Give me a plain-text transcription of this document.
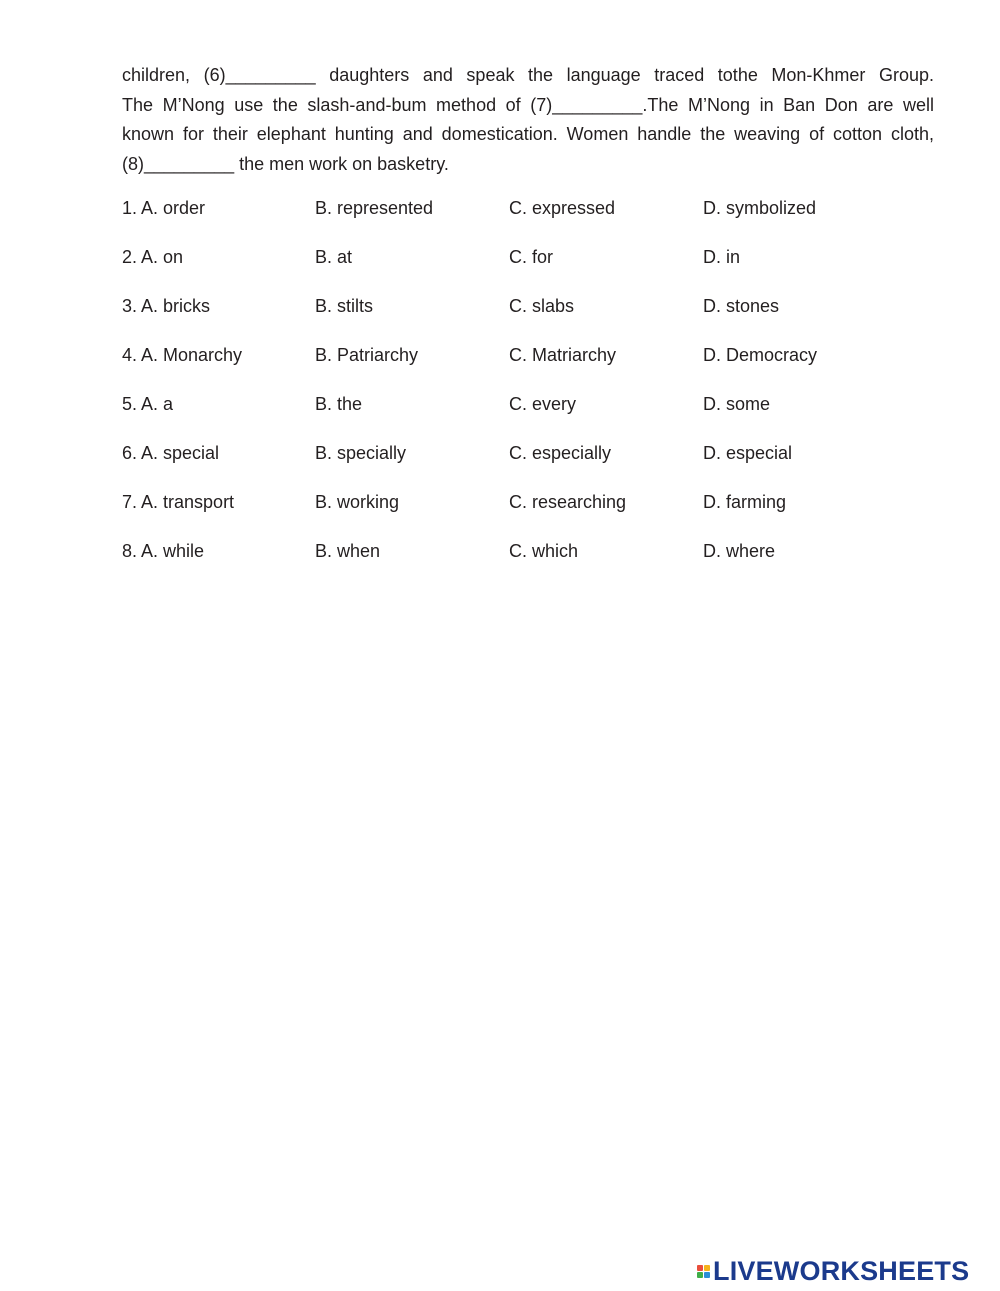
children, (6)_________ daughters and speak the language traced tothe Mon-Khmer Group.
The M’Nong use the slash-and-bum method of (7)_________.The M’Nong in Ban Don are well
known for their elephant hunting and domestication. Women handle the weaving of cotton cloth,
(8)_________ the men work on basketry.
1. A. order	B. represented	C. expressed	D. symbolized
2. A. on	B. at	C. for	D. in
3. A. bricks	B. stilts	C. slabs	D. stones
4. A. Monarchy	B. Patriarchy	C. Matriarchy	D. Democracy
5. A. a	B. the	C. every	D. some
6. A. special	B. specially	C. especially	D. especial
7. A. transport	B. working	C. researching	D. farming
8. A. while	B. when	C. which	D. where
LIVEWORKSHEETS
